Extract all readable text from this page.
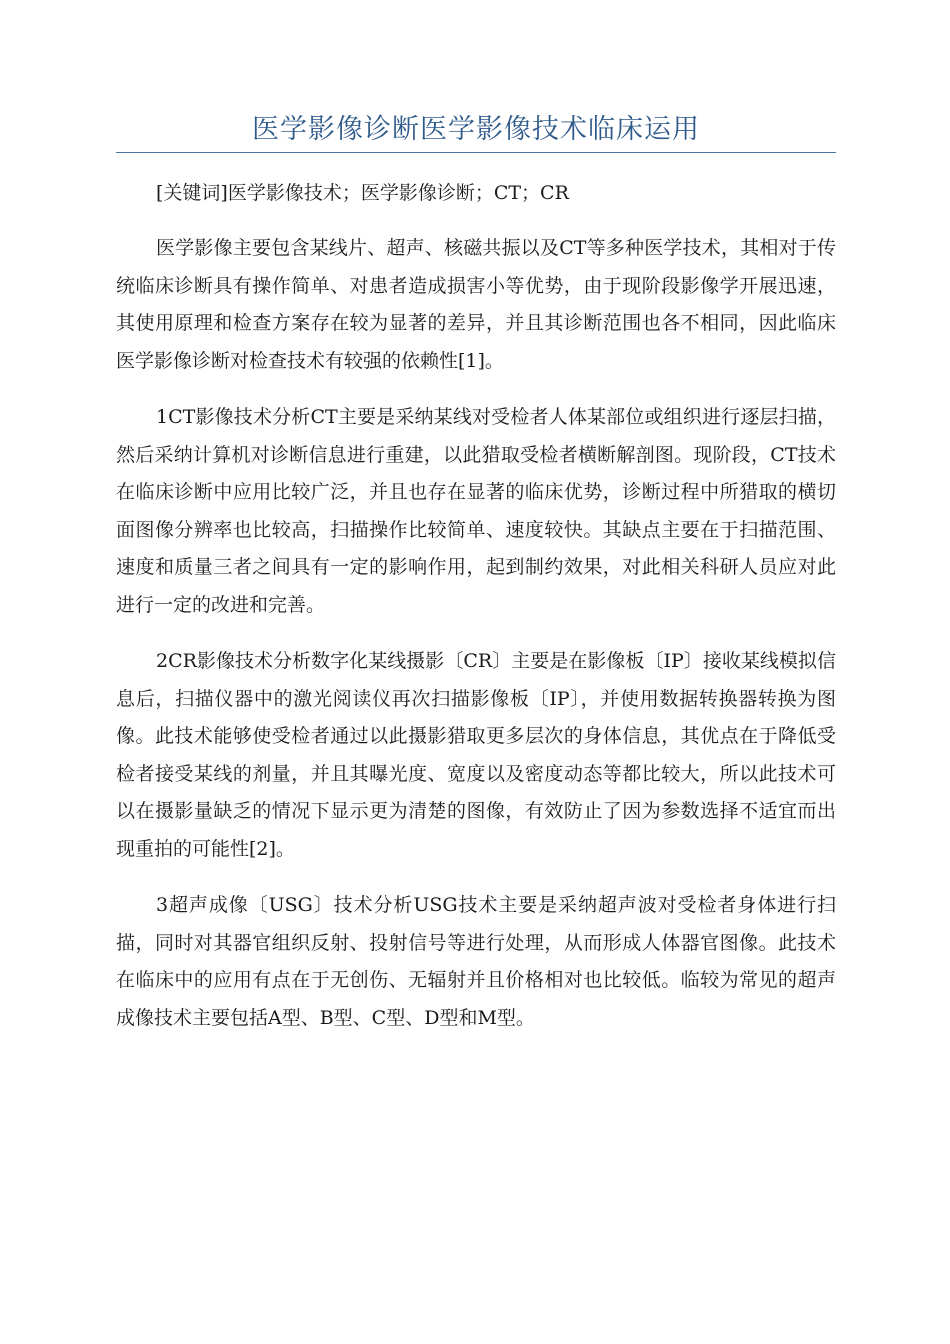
医学影像诊断医学影像技术临床运用

[关键词]医学影像技术；医学影像诊断；CT；CR

医学影像主要包含某线片、超声、核磁共振以及CT等多种医学技术，其相对于传统临床诊断具有操作简单、对患者造成损害小等优势，由于现阶段影像学开展迅速，其使用原理和检查方案存在较为显著的差异，并且其诊断范围也各不相同，因此临床医学影像诊断对检查技术有较强的依赖性[1]。

1CT影像技术分析CT主要是采纳某线对受检者人体某部位或组织进行逐层扫描，然后采纳计算机对诊断信息进行重建，以此猎取受检者横断解剖图。现阶段，CT技术在临床诊断中应用比较广泛，并且也存在显著的临床优势，诊断过程中所猎取的横切面图像分辨率也比较高，扫描操作比较简单、速度较快。其缺点主要在于扫描范围、速度和质量三者之间具有一定的影响作用，起到制约效果，对此相关科研人员应对此进行一定的改进和完善。

2CR影像技术分析数字化某线摄影〔CR〕主要是在影像板〔IP〕接收某线模拟信息后，扫描仪器中的激光阅读仪再次扫描影像板〔IP〕，并使用数据转换器转换为图像。此技术能够使受检者通过以此摄影猎取更多层次的身体信息，其优点在于降低受检者接受某线的剂量，并且其曝光度、宽度以及密度动态等都比较大，所以此技术可以在摄影量缺乏的情况下显示更为清楚的图像，有效防止了因为参数选择不适宜而出现重拍的可能性[2]。

3超声成像〔USG〕技术分析USG技术主要是采纳超声波对受检者身体进行扫描，同时对其器官组织反射、投射信号等进行处理，从而形成人体器官图像。此技术在临床中的应用有点在于无创伤、无辐射并且价格相对也比较低。临较为常见的超声成像技术主要包括A型、B型、C型、D型和M型。
